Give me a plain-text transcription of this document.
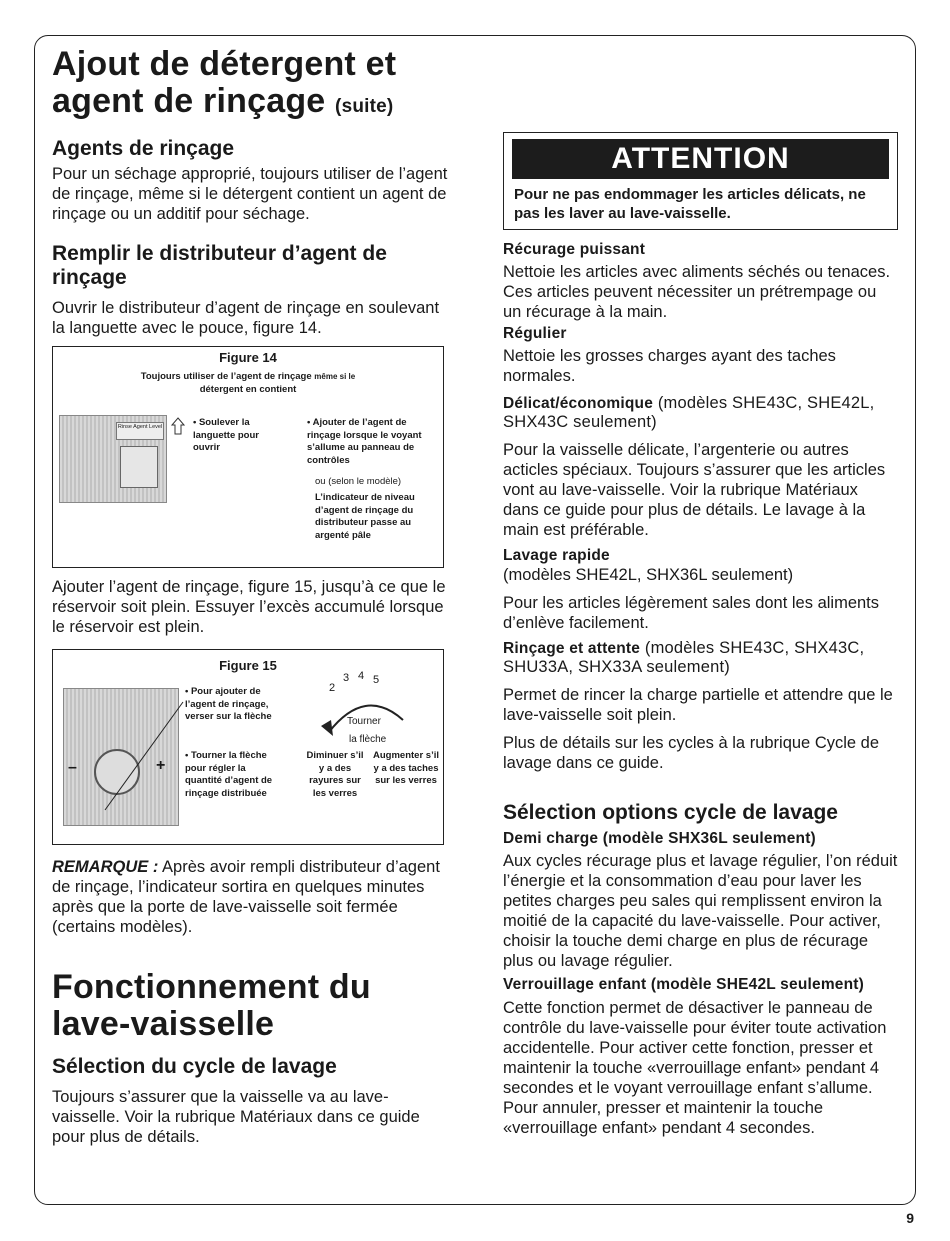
Ajout de détergent et
agent de rinçage (suite)
Agents de rinçage

Pour un séchage approprié, toujours utiliser de l’agent de rinçage, même si le détergent contient un agent de rinçage ou un additif pour séchage.

Remplir le distributeur d’agent de rinçage

Ouvrir le distributeur d’agent de rinçage en soulevant la languette avec le pouce, figure 14.

Figure 14
Toujours utiliser de l’agent de rinçage même si le
détergent en contient
Rinse Agent Level	• Soulever la languette pour ouvrir
• Ajouter de l’agent de rinçage lorsque le voyant s’allume au panneau de contrôles
ou (selon le modèle)
L’indicateur de niveau d’agent de rinçage du distributeur passe au argenté pâle

Ajouter l’agent de rinçage, figure 15, jusqu’à ce que le réservoir soit plein. Essuyer l’excès accumulé lorsque le réservoir est plein.

Figure 15
–	+
• Pour ajouter de l’agent de rinçage, verser sur la flèche
• Tourner la flèche pour régler la quantité d’agent de rinçage distribuée
2
3 4 5
Tourner
la flèche
Diminuer s’il y a des rayures sur les verres
Augmenter s’il y a des taches sur les verres

REMARQUE : Après avoir rempli distributeur d’agent de rinçage, l’indicateur sortira en quelques minutes après que la porte de lave-vaisselle soit fermée (certains modèles).

Fonctionnement du lave-vaisselle
Sélection du cycle de lavage

Toujours s’assurer que la vaisselle va au lave-vaisselle. Voir la rubrique Matériaux dans ce guide pour plus de détails.

ATTENTION
Pour ne pas endommager les articles délicats, ne pas les laver au lave-vaisselle.
Récurage puissant

Nettoie les articles avec aliments séchés ou tenaces. Ces articles peuvent nécessiter un prétrempage ou un récurage à la main.

Régulier

Nettoie les grosses charges ayant des taches normales.

Délicat/économique (modèles SHE43C, SHE42L, SHX43C seulement)

Pour la vaisselle délicate, l’argenterie ou autres acticles spéciaux. Toujours s’assurer que les articles vont au lave-vaisselle. Voir la rubrique Matériaux dans ce guide pour plus de détails. Le lavage à la main est préférable.

Lavage rapide

(modèles SHE42L, SHX36L seulement)

Pour les articles légèrement sales dont les aliments d’enlève facilement.

Rinçage et attente (modèles SHE43C, SHX43C, SHU33A, SHX33A seulement)

Permet de rincer la charge partielle et attendre que le lave-vaisselle soit plein.

Plus de détails sur les cycles à la rubrique Cycle de lavage dans ce guide.

Sélection options cycle de lavage
Demi charge (modèle SHX36L seulement)

Aux cycles récurage plus et lavage régulier, l’on réduit l’énergie et la consommation d’eau pour laver les petites charges peu sales qui remplissent environ la moitié de la capacité du lave-vaisselle. Pour activer, choisir la touche demi charge en plus de récurage plus ou lavage régulier.

Verrouillage enfant (modèle SHE42L seulement)

Cette fonction permet de désactiver le panneau de contrôle du lave-vaisselle pour éviter toute activation accidentelle. Pour activer cette fonction, presser et maintenir la touche «verrouillage enfant» pendant 4 secondes et le voyant verrouillage enfant s’allume. Pour annuler, presser et maintenir la touche «verrouillage enfant» pendant 4 secondes.

9
